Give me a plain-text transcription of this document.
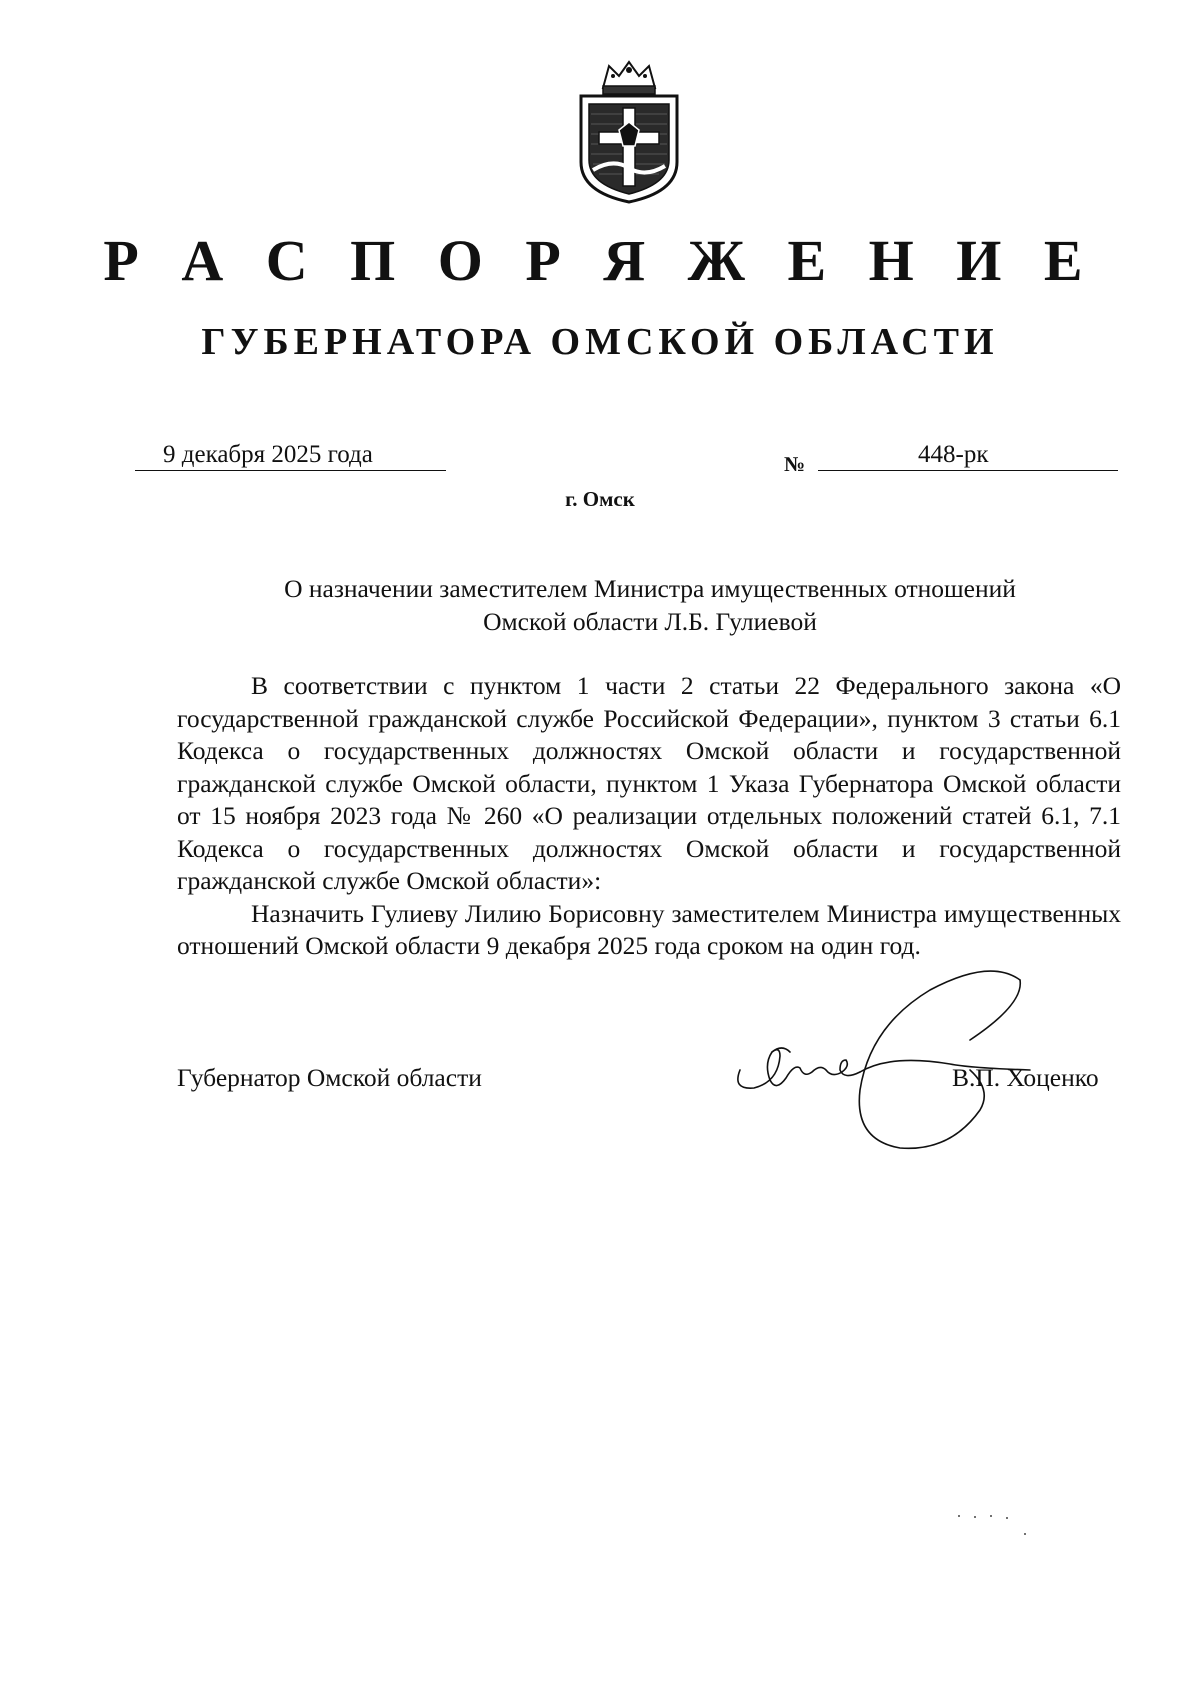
Р А С П О Р Я Ж Е Н И Е
ГУБЕРНАТОРА ОМСКОЙ ОБЛАСТИ
9 декабря 2025 года	№	448-рк
г. Омск
О назначении заместителем Министра имущественных отношений
Омской области Л.Б. Гулиевой

В соответствии с пунктом 1 части 2 статьи 22 Федерального закона «О государственной гражданской службе Российской Федерации», пунктом 3 статьи 6.1 Кодекса о государственных должностях Омской области и государственной гражданской службе Омской области, пунктом 1 Указа Губернатора Омской области от 15 ноября 2023 года № 260 «О реализации отдельных положений статей 6.1, 7.1 Кодекса о государственных должностях Омской области и государственной гражданской службе Омской области»:

Назначить Гулиеву Лилию Борисовну заместителем Министра имущественных отношений Омской области 9 декабря 2025 года сроком на один год.

Губернатор Омской области	В.П. Хоценко
